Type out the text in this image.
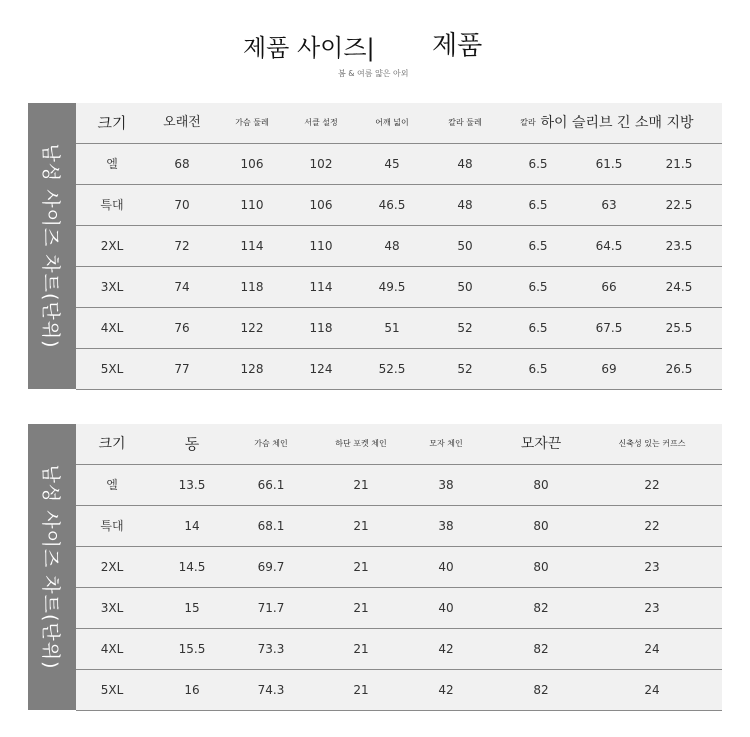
제품 사이즈| 제품
봄 & 여름 얇은 아외
남성 사이즈 차트(단위)
크기	오래전	가슴 둘레	서클 설정	어깨 넓이	칼라 둘레	칼라 하이 슬리브 긴 소매 지방
엘	68	106	102	45	48	6.5	61.5	21.5
특대	70	110	106	46.5	48	6.5	63	22.5
2XL	72	114	110	48	50	6.5	64.5	23.5
3XL	74	118	114	49.5	50	6.5	66	24.5
4XL	76	122	118	51	52	6.5	67.5	25.5
5XL	77	128	124	52.5	52	6.5	69	26.5
남성 사이즈 차트(단위)
크기	동	가슴 체인	하단 포켓 체인	모자 체인	모자끈	신축성 있는 커프스
엘	13.5	66.1	21	38	80	22
특대	14	68.1	21	38	80	22
2XL	14.5	69.7	21	40	80	23
3XL	15	71.7	21	40	82	23
4XL	15.5	73.3	21	42	82	24
5XL	16	74.3	21	42	82	24
